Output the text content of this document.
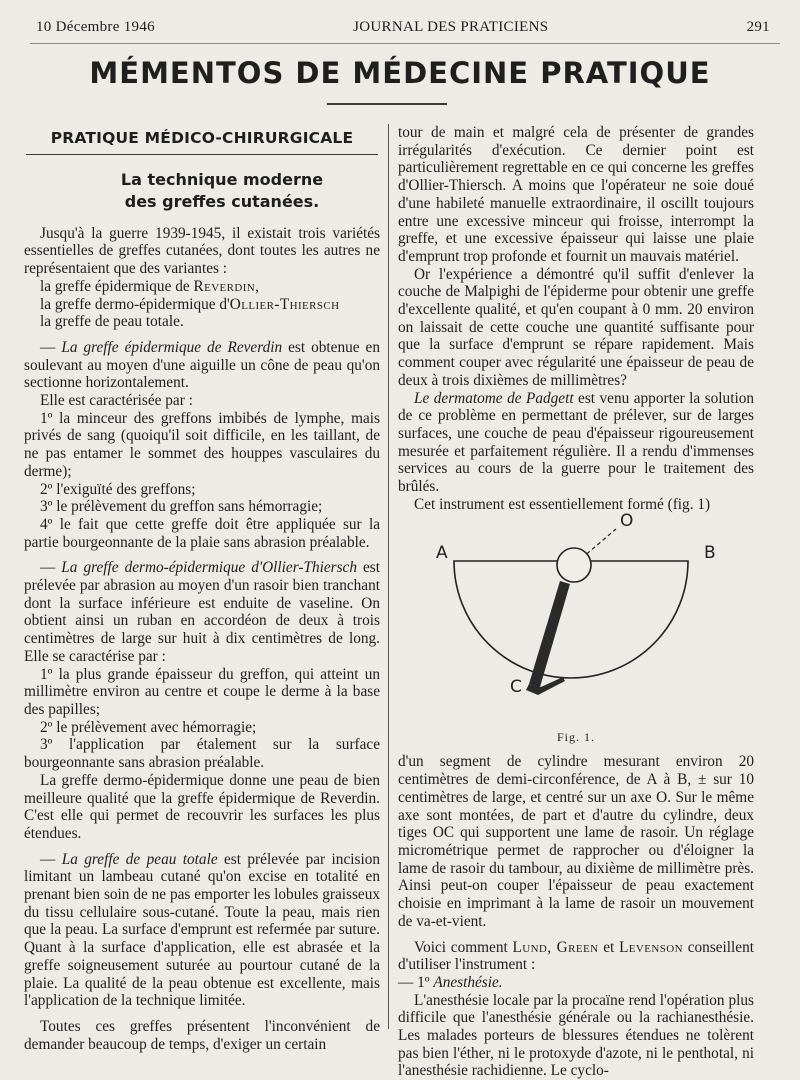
10 Décembre 1946	JOURNAL DES PRATICIENS	291
MÉMENTOS DE MÉDECINE PRATIQUE
PRATIQUE MÉDICO-CHIRURGICALE
La technique moderne
des greffes cutanées.

Jusqu'à la guerre 1939-1945, il existait trois variétés essentielles de greffes cutanées, dont toutes les autres ne représentaient que des variantes :

la greffe épidermique de Reverdin,

la greffe dermo-épidermique d'Ollier-Thiersch

la greffe de peau totale.

— La greffe épidermique de Reverdin est obtenue en soulevant au moyen d'une aiguille un cône de peau qu'on sectionne horizontalement.

Elle est caractérisée par :

1º la minceur des greffons imbibés de lymphe, mais privés de sang (quoiqu'il soit difficile, en les taillant, de ne pas entamer le sommet des houppes vasculaires du derme);

2º l'exiguïté des greffons;

3º le prélèvement du greffon sans hémorragie;

4º le fait que cette greffe doit être appliquée sur la partie bourgeonnante de la plaie sans abrasion préalable.

— La greffe dermo-épidermique d'Ollier-Thiersch est prélevée par abrasion au moyen d'un rasoir bien tranchant dont la surface inférieure est enduite de vaseline. On obtient ainsi un ruban en accordéon de deux à trois centimètres de large sur huit à dix centimètres de long. Elle se caractérise par :

1º la plus grande épaisseur du greffon, qui atteint un millimètre environ au centre et coupe le derme à la base des papilles;

2º le prélèvement avec hémorragie;

3º l'application par étalement sur la surface bourgeonnante sans abrasion préalable.

La greffe dermo-épidermique donne une peau de bien meilleure qualité que la greffe épidermique de Reverdin. C'est elle qui permet de recouvrir les surfaces les plus étendues.

— La greffe de peau totale est prélevée par incision limitant un lambeau cutané qu'on excise en totalité en prenant bien soin de ne pas emporter les lobules graisseux du tissu cellulaire sous-cutané. Toute la peau, mais rien que la peau. La surface d'emprunt est refermée par suture. Quant à la surface d'application, elle est abrasée et la greffe soigneusement suturée au pourtour cutané de la plaie. La qualité de la peau obtenue est excellente, mais l'application de la technique limitée.

Toutes ces greffes présentent l'inconvénient de demander beaucoup de temps, d'exiger un certain

tour de main et malgré cela de présenter de grandes irrégularités d'exécution. Ce dernier point est particulièrement regrettable en ce qui concerne les greffes d'Ollier-Thiersch. A moins que l'opérateur ne soie doué d'une habileté manuelle extraordinaire, il oscillt toujours entre une excessive minceur qui froisse, interrompt la greffe, et une excessive épaisseur qui laisse une plaie d'emprunt trop profonde et fournit un mauvais matériel.

Or l'expérience a démontré qu'il suffit d'enlever la couche de Malpighi de l'épiderme pour obtenir une greffe d'excellente qualité, et qu'en coupant à 0 mm. 20 environ on laissait de cette couche une quantité suffisante pour que la surface d'emprunt se répare rapidement. Mais comment couper avec régularité une épaisseur de peau de deux à trois dixièmes de millimètres?

Le dermatome de Padgett est venu apporter la solution de ce problème en permettant de prélever, sur de larges surfaces, une couche de peau d'épaisseur rigoureusement mesurée et parfaitement régulière. Il a rendu d'immenses services au cours de la guerre pour le traitement des brûlés.

Cet instrument est essentiellement formé (fig. 1)

A	B
O
C
Fig. 1.

d'un segment de cylindre mesurant environ 20 centimètres de demi-circonférence, de A à B, ± sur 10 centimètres de large, et centré sur un axe O. Sur le même axe sont montées, de part et d'autre du cylindre, deux tiges OC qui supportent une lame de rasoir. Un réglage micrométrique permet de rapprocher ou d'éloigner la lame de rasoir du tambour, au dixième de millimètre près. Ainsi peut-on couper l'épaisseur de peau exactement choisie en imprimant à la lame de rasoir un mouvement de va-et-vient.

Voici comment Lund, Green et Levenson conseillent d'utiliser l'instrument :

— 1º Anesthésie.

L'anesthésie locale par la procaïne rend l'opération plus difficile que l'anesthésie générale ou la rachianesthésie. Les malades porteurs de blessures étendues ne tolèrent pas bien l'éther, ni le protoxyde d'azote, ni le penthotal, ni l'anesthésie rachidienne. Le cyclo-
